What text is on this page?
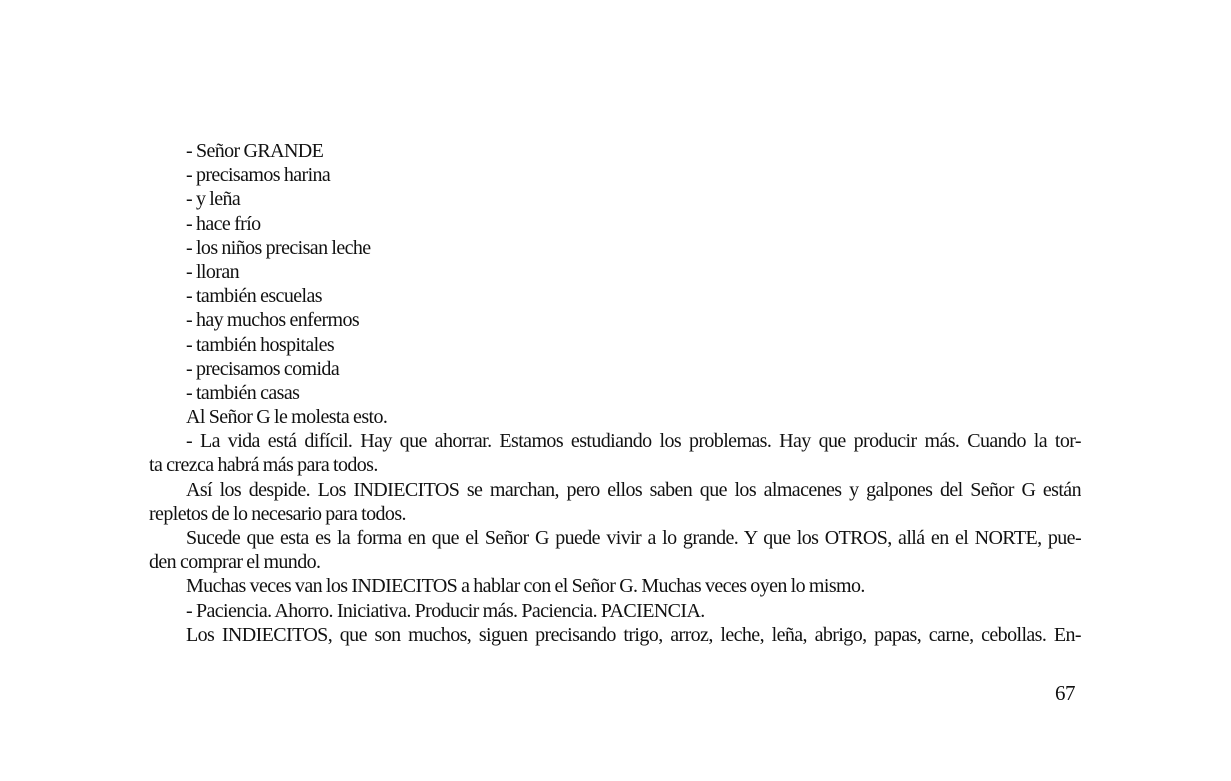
- Señor GRANDE
- precisamos harina
- y leña
- hace frío
- los niños precisan leche
- lloran
- también escuelas
- hay muchos enfermos
- también hospitales
- precisamos comida
- también casas
Al Señor G le molesta esto.
- La vida está difícil. Hay que ahorrar. Estamos estudiando los problemas. Hay que producir más. Cuando la tor-
ta crezca habrá más para todos.
Así los despide. Los INDIECITOS se marchan, pero ellos saben que los almacenes y galpones del Señor G están
repletos de lo necesario para todos.
Sucede que esta es la forma en que el Señor G puede vivir a lo grande. Y que los OTROS, allá en el NORTE, pue-
den comprar el mundo.
Muchas veces van los INDIECITOS a hablar con el Señor G. Muchas veces oyen lo mismo.
- Paciencia. Ahorro. Iniciativa. Producir más. Paciencia. PACIENCIA.
Los INDIECITOS, que son muchos, siguen precisando trigo, arroz, leche, leña, abrigo, papas, carne, cebollas. En-
67
